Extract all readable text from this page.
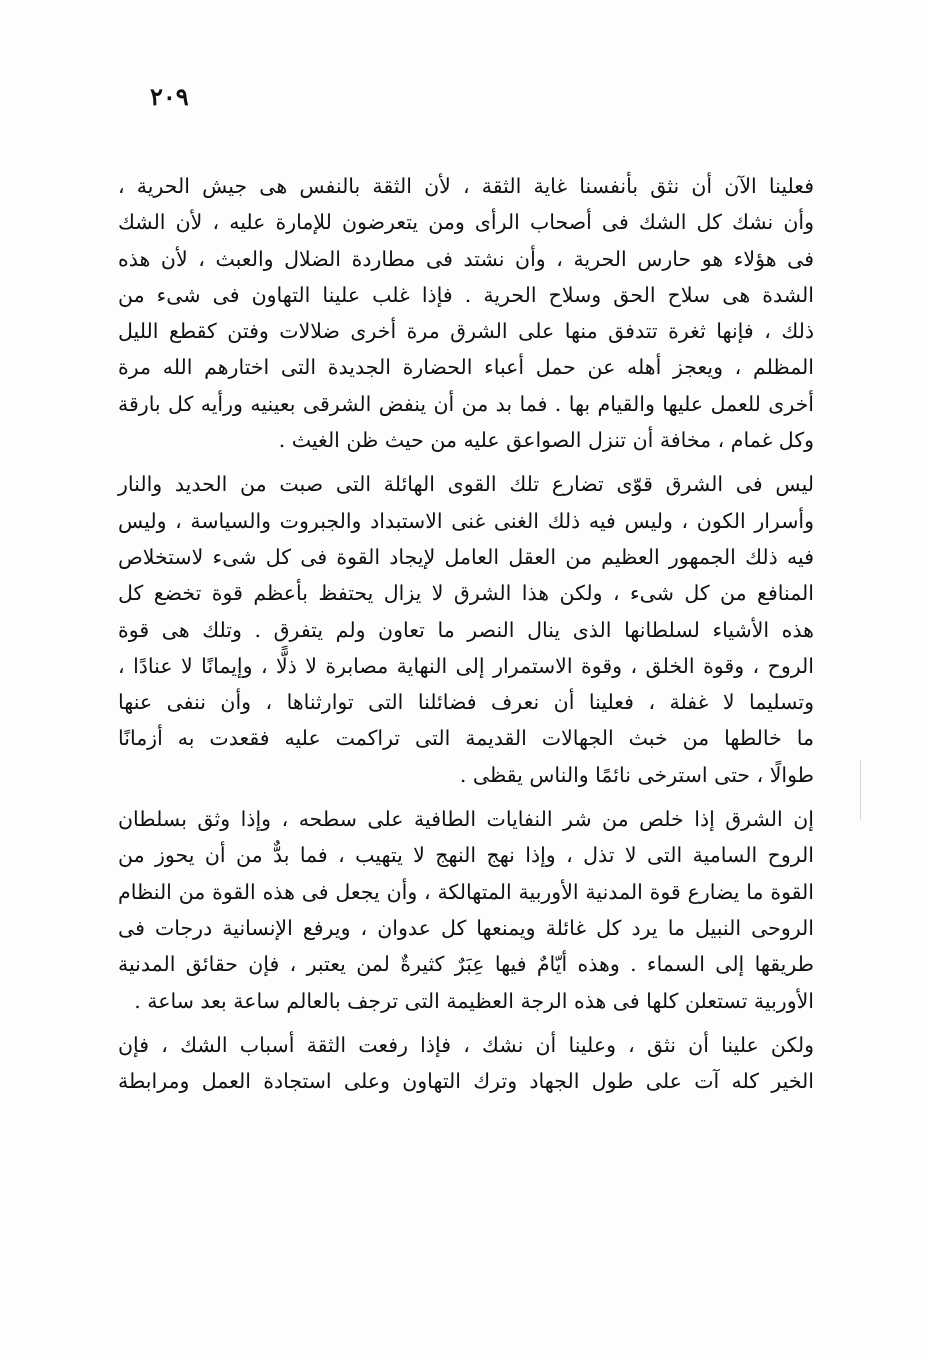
٢٠٩
فعلينا الآن أن نثق بأنفسنا غاية الثقة ، لأن الثقة بالنفس هى جيش الحرية ،
وأن نشك كل الشك فى أصحاب الرأى ومن يتعرضون للإمارة عليه ، لأن الشك
فى هؤلاء هو حارس الحرية ، وأن نشتد فى مطاردة الضلال والعبث ، لأن هذه
الشدة هى سلاح الحق وسلاح الحرية . فإذا غلب علينا التهاون فى شىء من
ذلك ، فإنها ثغرة تتدفق منها على الشرق مرة أخرى ضلالات وفتن كقطع الليل
المظلم ، ويعجز أهله عن حمل أعباء الحضارة الجديدة التى اختارهم الله مرة
أخرى للعمل عليها والقيام بها . فما بد من أن ينفض الشرقى بعينيه ورأيه كل بارقة
وكل غمام ، مخافة أن تنزل الصواعق عليه من حيث ظن الغيث .
ليس فى الشرق قوّى تضارع تلك القوى الهائلة التى صبت من الحديد والنار
وأسرار الكون ، وليس فيه ذلك الغنى غنى الاستبداد والجبروت والسياسة ، وليس
فيه ذلك الجمهور العظيم من العقل العامل لإيجاد القوة فى كل شىء لاستخلاص
المنافع من كل شىء ، ولكن هذا الشرق لا يزال يحتفظ بأعظم قوة تخضع كل
هذه الأشياء لسلطانها الذى ينال النصر ما تعاون ولم يتفرق . وتلك هى قوة
الروح ، وقوة الخلق ، وقوة الاستمرار إلى النهاية مصابرة لا ذلًّا ، وإيمانًا لا عنادًا ،
وتسليما لا غفلة ، فعلينا أن نعرف فضائلنا التى توارثناها ، وأن ننفى عنها
ما خالطها من خبث الجهالات القديمة التى تراكمت عليه فقعدت به أزمانًا
طوالًا ، حتى استرخى نائمًا والناس يقظى .
إن الشرق إذا خلص من شر النفايات الطافية على سطحه ، وإذا وثق بسلطان
الروح السامية التى لا تذل ، وإذا نهج النهج لا يتهيب ، فما بدٌّ من أن يحوز من
القوة ما يضارع قوة المدنية الأوربية المتهالكة ، وأن يجعل فى هذه القوة من النظام
الروحى النبيل ما يرد كل غائلة ويمنعها كل عدوان ، ويرفع الإنسانية درجات فى
طريقها إلى السماء . وهذه أيّامٌ فيها عِبَرٌ كثيرةٌ لمن يعتبر ، فإن حقائق المدنية
الأوربية تستعلن كلها فى هذه الرجة العظيمة التى ترجف بالعالم ساعة بعد ساعة .
ولكن علينا أن نثق ، وعلينا أن نشك ، فإذا رفعت الثقة أسباب الشك ، فإن
الخير كله آت على طول الجهاد وترك التهاون وعلى استجادة العمل ومرابطة
